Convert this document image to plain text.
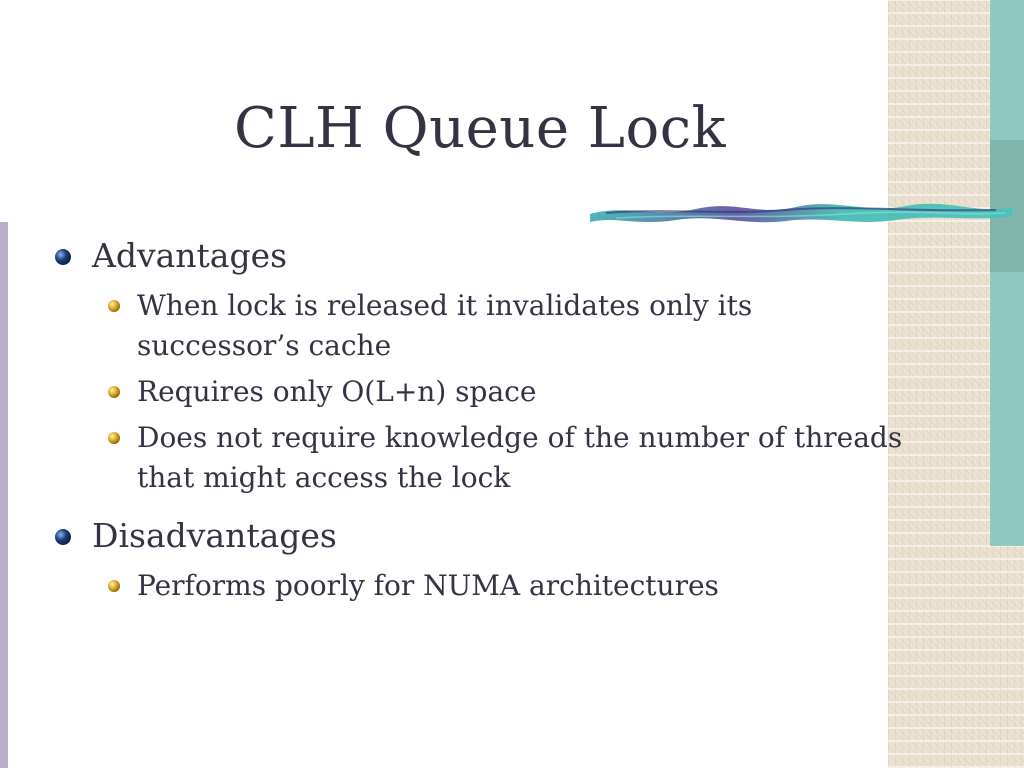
CLH Queue Lock
Advantages
When lock is released it invalidates only its successor’s cache
Requires only O(L+n) space
Does not require knowledge of the number of threads that might access the lock
Disadvantages
Performs poorly for NUMA architectures
